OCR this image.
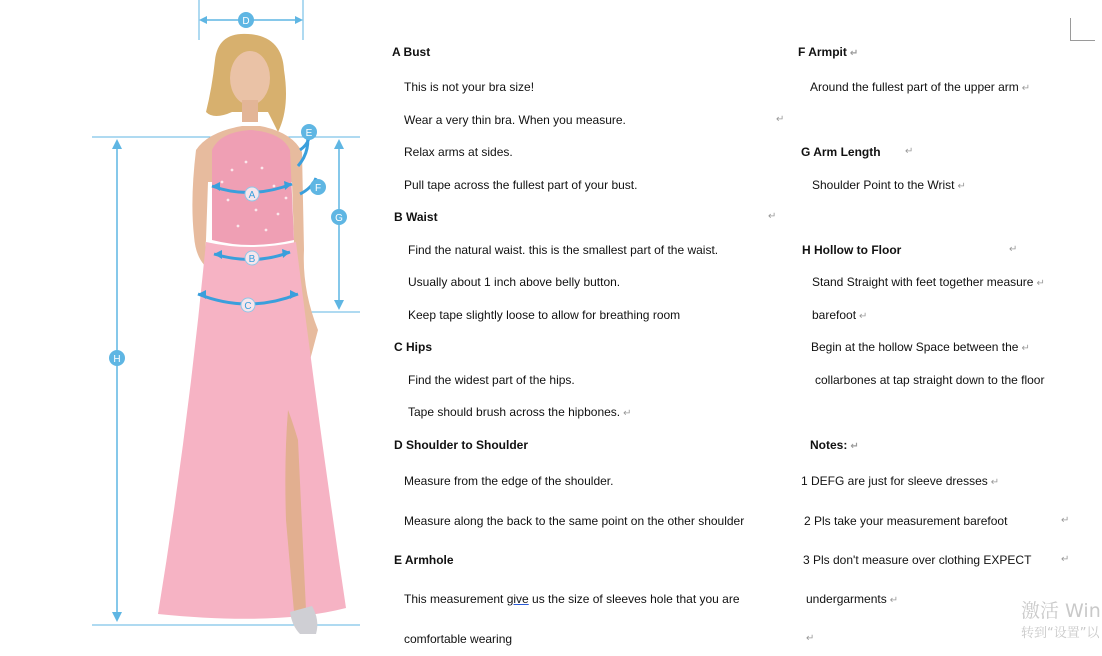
A
B
C
D
E
F
G
H
A Bust
This is not your bra size!
Wear a very thin bra. When you measure.	↵
Relax arms at sides.
Pull tape across the fullest part of your bust.
B Waist	↵
Find the natural waist. this is the smallest part of the waist.
Usually about 1 inch above belly button.
Keep tape slightly loose to allow for breathing room
C Hips
Find the widest part of the hips.
Tape should brush across the hipbones. ↵
D Shoulder to Shoulder
Measure from the edge of the shoulder.
Measure along the back to the same point on the other shoulder
E Armhole
This measurement give us the size of sleeves hole that you are
comfortable wearing
F Armpit ↵
Around the fullest part of the upper arm ↵
G Arm Length ↵
Shoulder Point to the Wrist ↵
H Hollow to Floor	↵
Stand Straight with feet together measure ↵
barefoot ↵
Begin at the hollow Space between the ↵
collarbones at tap straight down to the floor
Notes: ↵
1 DEFG are just for sleeve dresses ↵
2 Pls take your measurement barefoot	↵
3 Pls don't measure over clothing EXPECT	↵
undergarments ↵
↵
激活 Win
转到“设置”以
